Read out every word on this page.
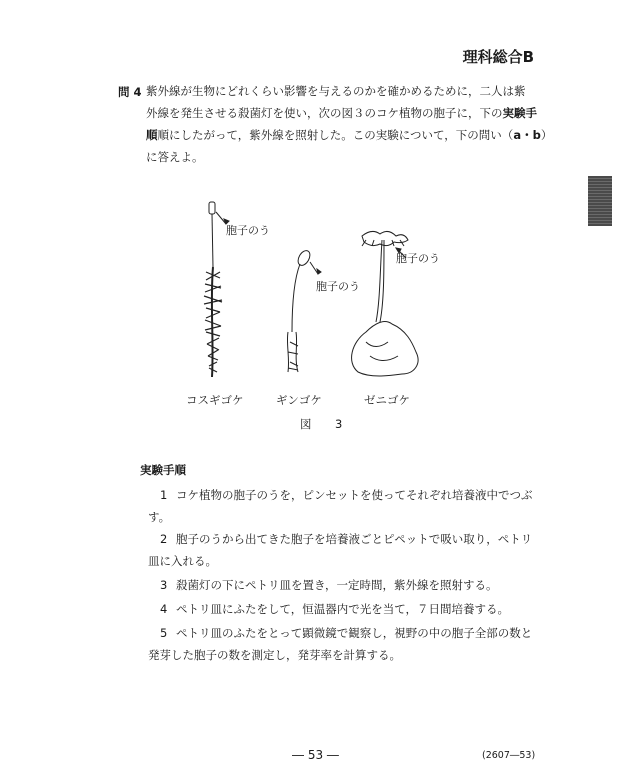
理科総合B
問 4 紫外線が生物にどれくらい影響を与えるのかを確かめるために，二人は紫
外線を発生させる殺菌灯を使い，次の図３のコケ植物の胞子に，下の実験手
順順にしたがって，紫外線を照射した。この実験について，下の問い（a・b）
に答えよ。
胞子のう
胞子のう
胞子のう
コスギゴケ	ギンゴケ	ゼニゴケ
図　3
実験手順
1 コケ植物の胞子のうを，ピンセットを使ってそれぞれ培養液中でつぶ
す。
2 胞子のうから出てきた胞子を培養液ごとピペットで吸い取り，ペトリ
皿に入れる。
3 殺菌灯の下にペトリ皿を置き，一定時間，紫外線を照射する。
4 ペトリ皿にふたをして，恒温器内で光を当て，７日間培養する。
5 ペトリ皿のふたをとって顕微鏡で観察し，視野の中の胞子全部の数と
発芽した胞子の数を測定し，発芽率を計算する。
― 53 ―	(2607―53)
